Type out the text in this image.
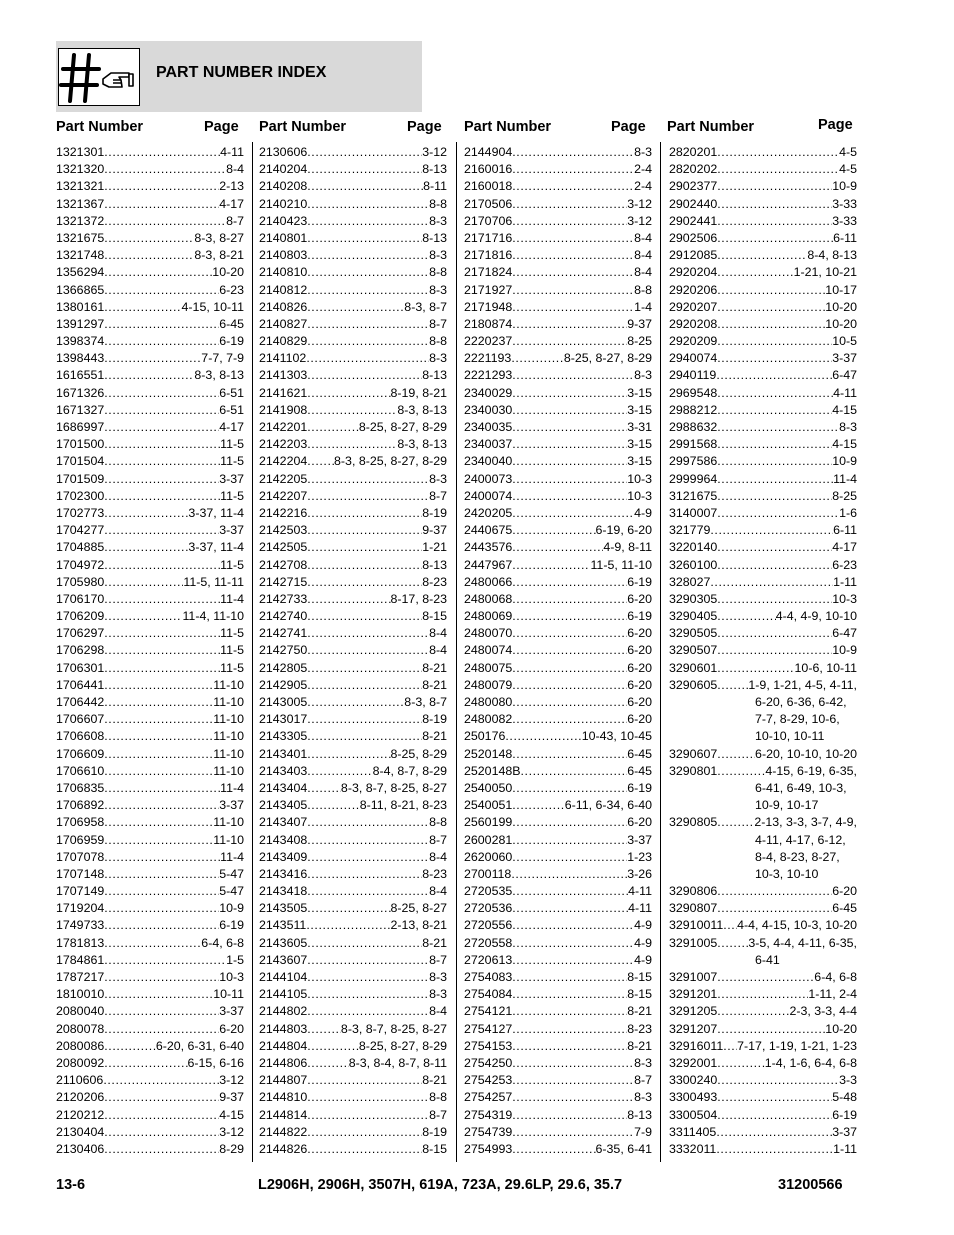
PART NUMBER INDEX
Part Number	Page Part Number	Page Part Number	Page Part Number	Page
1321301 .....	4-11
1321320 .....	8-4
1321321 .....	2-13
1321367 .....	4-17
1321372 .....	8-7
1321675 .....	8-3, 8-27
1321748 .....	8-3, 8-21
1356294 .....	10-20
1366865 .....	6-23
1380161 .....	4-15, 10-11
1391297 .....	6-45
1398374 .....	6-19
1398443 .....	7-7, 7-9
1616551 .....	8-3, 8-13
1671326 .....	6-51
1671327 .....	6-51
1686997 .....	4-17
1701500 .....	11-5
1701504 .....	11-5
1701509 .....	3-37
1702300 .....	11-5
1702773 .....	3-37, 11-4
1704277 .....	3-37
1704885 .....	3-37, 11-4
1704972 .....	11-5
1705980 .....	11-5, 11-11
1706170 .....	11-4
1706209 .....	11-4, 11-10
1706297 .....	11-5
1706298 .....	11-5
1706301 .....	11-5
1706441 .....	11-10
1706442 .....	11-10
1706607 .....	11-10
1706608 .....	11-10
1706609 .....	11-10
1706610 .....	11-10
1706835 .....	11-4
1706892 .....	3-37
1706958 .....	11-10
1706959 .....	11-10
1707078 .....	11-4
1707148 .....	5-47
1707149 .....	5-47
1719204 .....	10-9
1749733 .....	6-19
1781813 .....	6-4, 6-8
1784861 .....	1-5
1787217 .....	10-3
1810010 .....	10-11
2080040 .....	3-37
2080078 .....	6-20
2080086 .....	6-20, 6-31, 6-40
2080092 .....	6-15, 6-16
2110606 .....	3-12
2120206 .....	9-37
2120212 .....	4-15
2130404 .....	3-12
2130406 .....	8-29
2130606 .....	3-12
2140204 .....	8-13
2140208 .....	8-11
2140210 .....	8-8
2140423 .....	8-3
2140801 .....	8-13
2140803 .....	8-3
2140810 .....	8-8
2140812 .....	8-3
2140826 .....	8-3, 8-7
2140827 .....	8-7
2140829 .....	8-8
2141102 .....	8-3
2141303 .....	8-13
2141621 .....	8-19, 8-21
2141908 .....	8-3, 8-13
2142201 .....	8-25, 8-27, 8-29
2142203 .....	8-3, 8-13
2142204 ..... 8-3, 8-25, 8-27, 8-29
2142205 .....	8-3
2142207 .....	8-7
2142216 .....	8-19
2142503 .....	9-37
2142505 .....	1-21
2142708 .....	8-13
2142715 .....	8-23
2142733 .....	8-17, 8-23
2142740 .....	8-15
2142741 .....	8-4
2142750 .....	8-4
2142805 .....	8-21
2142905 .....	8-21
2143005 .....	8-3, 8-7
2143017 .....	8-19
2143305 .....	8-21
2143401 .....	8-25, 8-29
2143403 .....	8-4, 8-7, 8-29
2143404 .....	8-3, 8-7, 8-25, 8-27
2143405 .....	8-11, 8-21, 8-23
2143407 .....	8-8
2143408 .....	8-7
2143409 .....	8-4
2143416 .....	8-23
2143418 .....	8-4
2143505 .....	8-25, 8-27
2143511 .....	2-13, 8-21
2143605 .....	8-21
2143607 .....	8-7
2144104 .....	8-3
2144105 .....	8-3
2144802 .....	8-4
2144803 .....	8-3, 8-7, 8-25, 8-27
2144804 .....	8-25, 8-27, 8-29
2144806 .....	8-3, 8-4, 8-7, 8-11
2144807 .....	8-21
2144810 .....	8-8
2144814 .....	8-7
2144822 .....	8-19
2144826 .....	8-15
2144904 .....	8-3
2160016 .....	2-4
2160018 .....	2-4
2170506 .....	3-12
2170706 .....	3-12
2171716 .....	8-4
2171816 .....	8-4
2171824 .....	8-4
2171927 .....	8-8
2171948 .....	1-4
2180874 .....	9-37
2220237 .....	8-25
2221193 .....	8-25, 8-27, 8-29
2221293 .....	8-3
2340029 .....	3-15
2340030 .....	3-15
2340035 .....	3-31
2340037 .....	3-15
2340040 .....	3-15
2400073 .....	10-3
2400074 .....	10-3
2420205 .....	4-9
2440675 .....	6-19, 6-20
2443576 .....	4-9, 8-11
2447967 .....	11-5, 11-10
2480066 .....	6-19
2480068 .....	6-20
2480069 .....	6-19
2480070 .....	6-20
2480074 .....	6-20
2480075 .....	6-20
2480079 .....	6-20
2480080 .....	6-20
2480082 .....	6-20
250176 .....	10-43, 10-45
2520148 .....	6-45
2520148B .....	6-45
2540050 .....	6-19
2540051 .....	6-11, 6-34, 6-40
2560199 .....	6-20
2600281 .....	3-37
2620060 .....	1-23
2700118 .....	3-26
2720535 .....	4-11
2720536 .....	4-11
2720556 .....	4-9
2720558 .....	4-9
2720613 .....	4-9
2754083 .....	8-15
2754084 .....	8-15
2754121 .....	8-21
2754127 .....	8-23
2754153 .....	8-21
2754250 .....	8-3
2754253 .....	8-7
2754257 .....	8-3
2754319 .....	8-13
2754739 .....	7-9
2754993 .....	6-35, 6-41
2820201 .....	4-5
2820202 .....	4-5
2902377 .....	10-9
2902440 .....	3-33
2902441 .....	3-33
2902506 .....	6-11
2912085 .....	8-4, 8-13
2920204 .....	1-21, 10-21
2920206 .....	10-17
2920207 .....	10-20
2920208 .....	10-20
2920209 .....	10-5
2940074 .....	3-37
2940119 .....	6-47
2969548 .....	4-11
2988212 .....	4-15
2988632 .....	8-3
2991568 .....	4-15
2997586 .....	10-9
2999964 .....	11-4
3121675 .....	8-25
3140007 .....	1-6
321779 .....	6-11
3220140 .....	4-17
3260100 .....	6-23
328027 .....	1-11
3290305 .....	10-3
3290405 .....	4-4, 4-9, 10-10
3290505 .....	6-47
3290507 .....	10-9
3290601 .....	10-6, 10-11
3290605 .....	1-9, 1-21, 4-5, 4-11,
6-20, 6-36, 6-42,
7-7, 8-29, 10-6,
10-10, 10-11
3290607 .....	6-20, 10-10, 10-20
3290801 .....	4-15, 6-19, 6-35,
6-41, 6-49, 10-3,
10-9, 10-17
3290805 .....	2-13, 3-3, 3-7, 4-9,
4-11, 4-17, 6-12,
8-4, 8-23, 8-27,
10-3, 10-10
3290806 .....	6-20
3290807 .....	6-45
32910011 ..... 4-4, 4-15, 10-3, 10-20
3291005 .....	3-5, 4-4, 4-11, 6-35,
6-41
3291007 .....	6-4, 6-8
3291201 .....	1-11, 2-4
3291205 .....	2-3, 3-3, 4-4
3291207 .....	10-20
32916011 ..... 7-17, 1-19, 1-21, 1-23
3292001 .....	1-4, 1-6, 6-4, 6-8
3300240 .....	3-3
3300493 .....	5-48
3300504 .....	6-19
3311405 .....	3-37
3332011 .....	1-11
13-6	L2906H, 2906H, 3507H, 619A, 723A, 29.6LP, 29.6, 35.7	31200566
